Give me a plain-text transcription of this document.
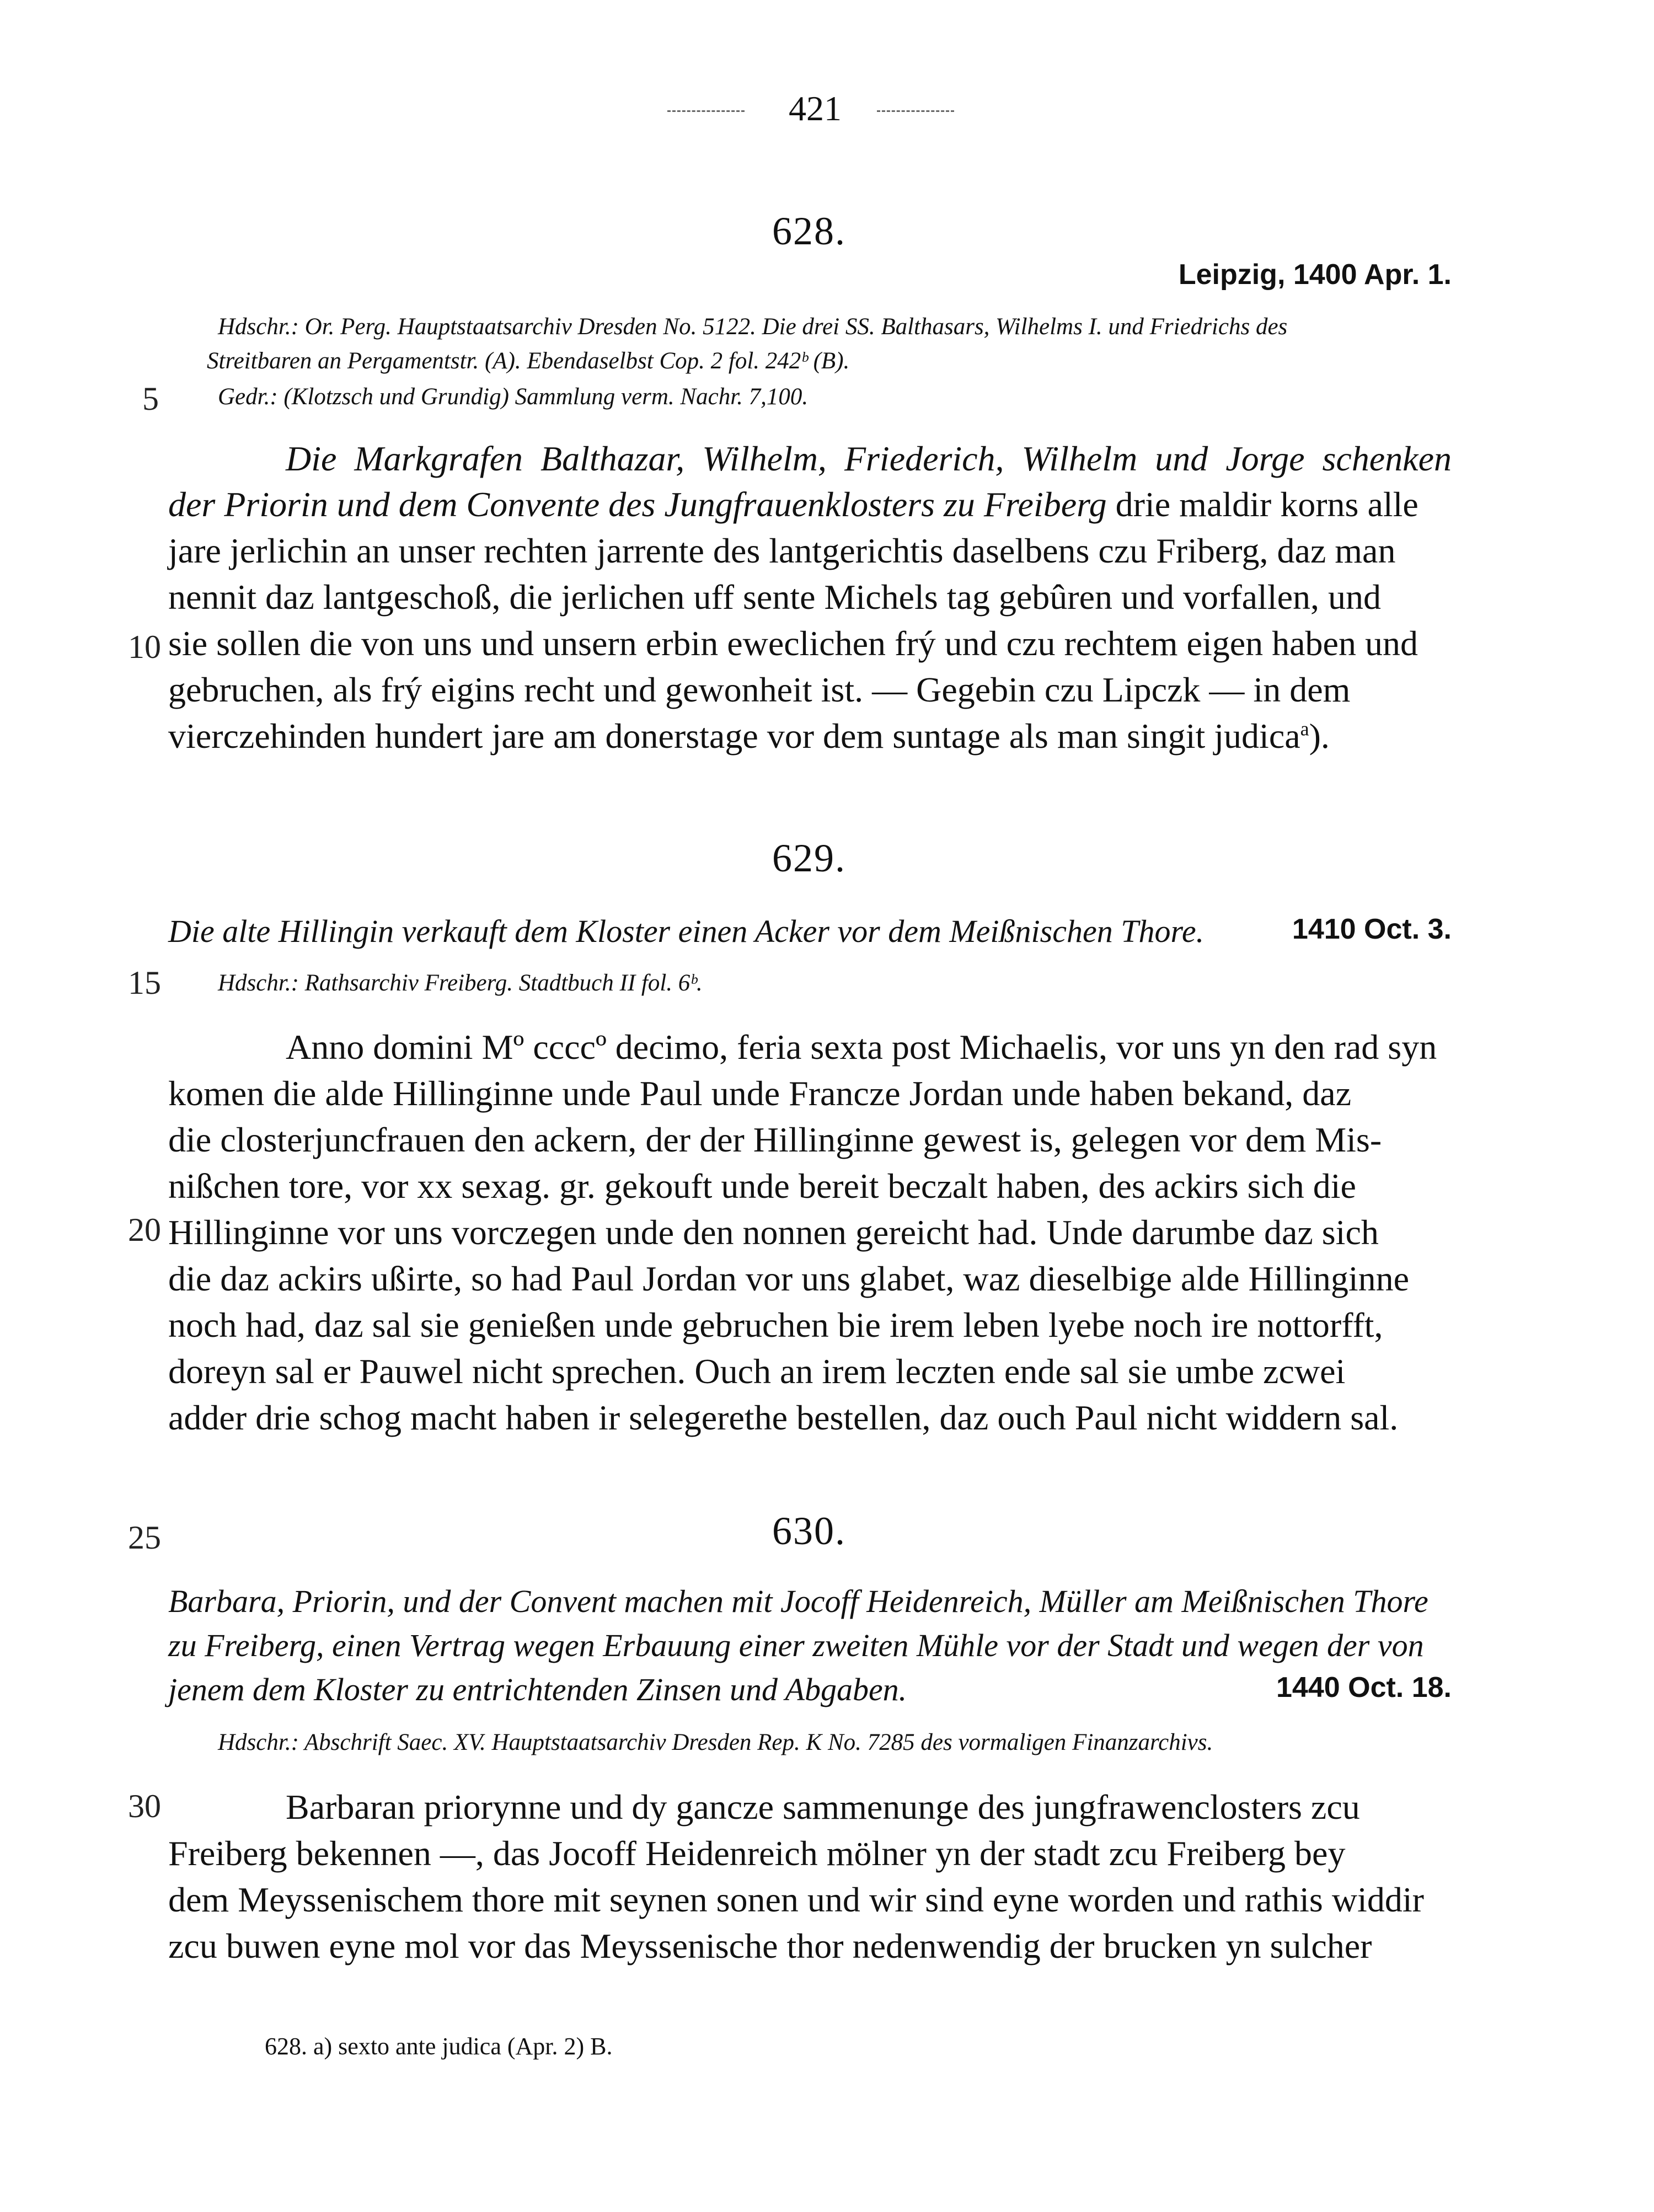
421
5
10
15
20
25
30
628.
Leipzig, 1400 Apr. 1.
Hdschr.: Or. Perg. Hauptstaatsarchiv Dresden No. 5122. Die drei SS. Balthasars, Wilhelms I. und Friedrichs des
Streitbaren an Pergamentstr. (A). Ebendaselbst Cop. 2 fol. 242ᵇ (B).
Gedr.: (Klotzsch und Grundig) Sammlung verm. Nachr. 7,100.
Die Markgrafen Balthazar, Wilhelm, Friederich, Wilhelm und Jorge schenken
der Priorin und dem Convente des Jungfrauenklosters zu Freiberg drie maldir korns alle
jare jerlichin an unser rechten jarrente des lantgerichtis daselbens czu Friberg, daz man
nennit daz lantgeschoß, die jerlichen uff sente Michels tag gebûren und vorfallen, und
sie sollen die von uns und unsern erbin eweclichen frý und czu rechtem eigen haben und
gebruchen, als frý eigins recht und gewonheit ist. — Gegebin czu Lipczk — in dem
vierczehinden hundert jare am donerstage vor dem suntage als man singit judica$^a$).
629.
Die alte Hillingin verkauft dem Kloster einen Acker vor dem Meißnischen Thore.	1410 Oct. 3.
Hdschr.: Rathsarchiv Freiberg. Stadtbuch II fol. 6ᵇ.
Anno domini Mº ccccº decimo, feria sexta post Michaelis, vor uns yn den rad syn
komen die alde Hillinginne unde Paul unde Francze Jordan unde haben bekand, daz
die closterjuncfrauen den ackern, der der Hillinginne gewest is, gelegen vor dem Mis-
nißchen tore, vor xx sexag. gr. gekouft unde bereit beczalt haben, des ackirs sich die
Hillinginne vor uns vorczegen unde den nonnen gereicht had. Unde darumbe daz sich
die daz ackirs ußirte, so had Paul Jordan vor uns glabet, waz dieselbige alde Hillinginne
noch had, daz sal sie genießen unde gebruchen bie irem leben lyebe noch ire nottorfft,
doreyn sal er Pauwel nicht sprechen. Ouch an irem leczten ende sal sie umbe zcwei
adder drie schog macht haben ir selegerethe bestellen, daz ouch Paul nicht widdern sal.
630.
Barbara, Priorin, und der Convent machen mit Jocoff Heidenreich, Müller am Meißnischen Thore
zu Freiberg, einen Vertrag wegen Erbauung einer zweiten Mühle vor der Stadt und wegen der von
jenem dem Kloster zu entrichtenden Zinsen und Abgaben.	1440 Oct. 18.
Hdschr.: Abschrift Saec. XV. Hauptstaatsarchiv Dresden Rep. K No. 7285 des vormaligen Finanzarchivs.
Barbaran priorynne und dy gancze sammenunge des jungfrawenclosters zcu
Freiberg bekennen —, das Jocoff Heidenreich mölner yn der stadt zcu Freiberg bey
dem Meyssenischem thore mit seynen sonen und wir sind eyne worden und rathis widdir
zcu buwen eyne mol vor das Meyssenische thor nedenwendig der brucken yn sulcher
628. a) sexto ante judica (Apr. 2) B.
